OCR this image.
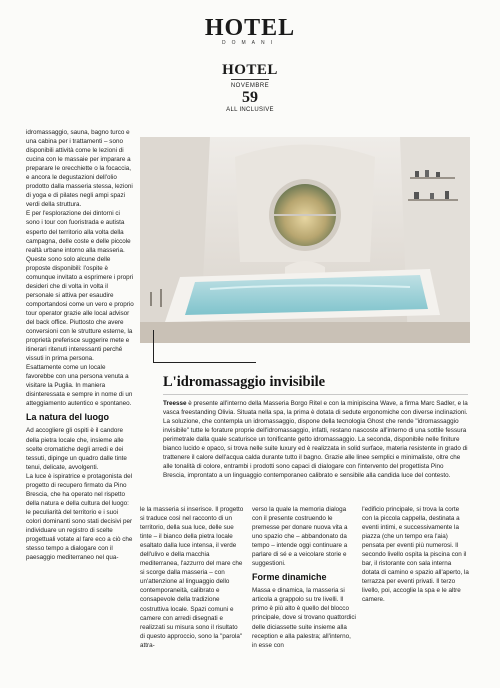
HOTEL
DOMANI
HOTEL
NOVEMBRE
59
ALL INCLUSIVE

idromassaggio, sauna, bagno turco e una cabina per i trattamenti – sono disponibili attività come le lezioni di cucina con le massaie per imparare a preparare le orecchiette o la focaccia, e ancora le degustazioni dell'olio prodotto dalla masseria stessa, lezioni di yoga e di pilates negli ampi spazi verdi della struttura.

E per l'esplorazione dei dintorni ci sono i tour con fuoristrada e autista esperto del territorio alla volta della campagna, delle coste e delle piccole realtà urbane intorno alla masseria. Queste sono solo alcune delle proposte disponibili: l'ospite è comunque invitato a esprimere i propri desideri che di volta in volta il personale si attiva per esaudire comportandosi come un vero e proprio tour operator grazie alle local advisor del back office. Piuttosto che avere conversioni con le strutture esterne, la proprietà preferisce suggerire mete e itinerari ritenuti interessanti perché vissuti in prima persona.

Esattamente come un locale favorebbe con una persona venuta a visitare la Puglia. In maniera disinteressata e sempre in nome di un atteggiamento autentico e spontaneo.

La natura del luogo

Ad accogliere gli ospiti è il candore della pietra locale che, insieme alle scelte cromatiche degli arredi e dei tessuti, dipinge un quadro dalle tinte tenui, delicate, avvolgenti.

La luce è ispiratrice e protagonista del progetto di recupero firmato da Pino Brescia, che ha operato nel rispetto della natura e della cultura del luogo: le peculiarità del territorio e i suoi colori dominanti sono stati decisivi per individuare un registro di scelte progettuali votate al fare eco a ciò che stesso tempo a dialogare con il paesaggio mediterraneo nel qua-

L'idromassaggio invisibile

Treesse è presente all'interno della Masseria Borgo Ritel e con la minipiscina Wave, a firma Marc Sadler, e la vasca freestanding Olivia. Situata nella spa, la prima è dotata di sedute ergonomiche con diverse inclinazioni. La soluzione, che contempla un idromassaggio, dispone della tecnologia Ghost che rende "idromassaggio invisibile" tutte le forature proprie dell'idromassaggio, infatti, restano nascoste all'interno di una sottile fessura perimetrale dalla quale scaturisce un tonificante getto idromassaggio. La seconda, disponibile nelle finiture bianco lucido e opaco, si trova nelle suite luxury ed è realizzata in solid surface, materia resistente in grado di trattenere il calore dell'acqua calda durante tutto il bagno. Grazie alle linee semplici e minimaliste, oltre che alle tonalità di colore, entrambi i prodotti sono capaci di dialogare con l'intervento del progettista Pino Brescia, improntato a un linguaggio contemporaneo calibrato e sensibile alla candida luce del contesto.

le la masseria si inserisce. Il progetto si traduce così nel racconto di un territorio, della sua luce, delle sue tinte – il bianco della pietra locale esaltato dalla luce intensa, il verde dell'ulivo e della macchia mediterranea, l'azzurro del mare che si scorge dalla masseria – con un'attenzione al linguaggio dello contemporaneità, calibrato e consapevole della tradizione costruttiva locale. Spazi comuni e camere con arredi disegnati e realizzati su misura sono il risultato di questo approccio, sono la "parola" attra-

verso la quale la memoria dialoga con il presente costruendo le premesse per donare nuova vita a uno spazio che – abbandonato da tempo – intende oggi continuare a parlare di sé e a veicolare storie e suggestioni.

Forme dinamiche

Massa e dinamica, la masseria si articola a grappolo su tre livelli. Il primo è più alto è quello del blocco principale, dove si trovano quattordici delle diciassette suite insieme alla reception e alla palestra; all'interno, in esse con

l'edificio principale, si trova la corte con la piccola cappella, destinata a eventi intimi, e successivamente la piazza (che un tempo era l'aia) pensata per eventi più numerosi. Il secondo livello ospita la piscina con il bar, il ristorante con sala interna dotata di camino e spazio all'aperto, la terrazza per eventi privati. Il terzo livello, poi, accoglie la spa e le altre camere.
